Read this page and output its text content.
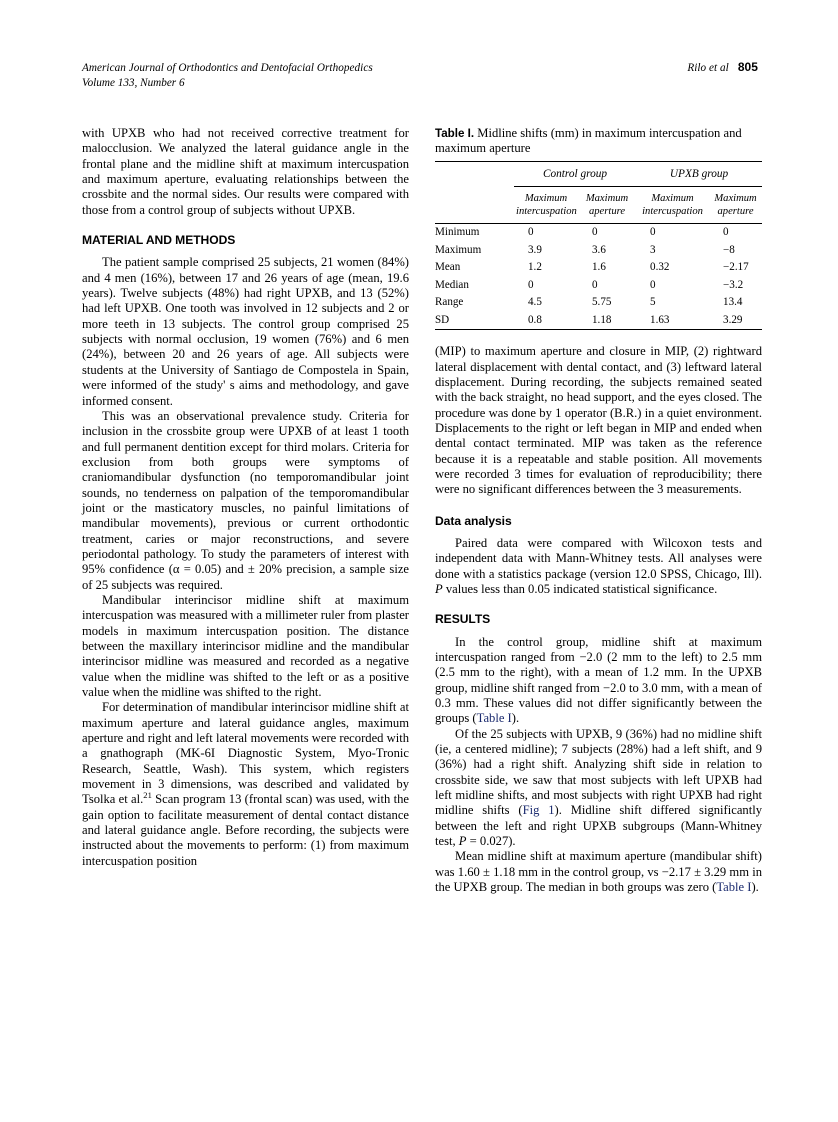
American Journal of Orthodontics and Dentofacial Orthopedics	Rilo et al 805
Volume 133, Number 6

with UPXB who had not received corrective treatment for malocclusion. We analyzed the lateral guidance angle in the frontal plane and the midline shift at maximum intercuspation and maximum aperture, evaluating relationships between the crossbite and the normal sides. Our results were compared with those from a control group of subjects without UPXB.

MATERIAL AND METHODS

The patient sample comprised 25 subjects, 21 women (84%) and 4 men (16%), between 17 and 26 years of age (mean, 19.6 years). Twelve subjects (48%) had right UPXB, and 13 (52%) had left UPXB. One tooth was involved in 12 subjects and 2 or more teeth in 13 subjects. The control group comprised 25 subjects with normal occlusion, 19 women (76%) and 6 men (24%), between 20 and 26 years of age. All subjects were students at the University of Santiago de Compostela in Spain, were informed of the study' s aims and methodology, and gave informed consent.

This was an observational prevalence study. Criteria for inclusion in the crossbite group were UPXB of at least 1 tooth and full permanent dentition except for third molars. Criteria for exclusion from both groups were symptoms of craniomandibular dysfunction (no temporomandibular joint sounds, no tenderness on palpation of the temporomandibular joint or the masticatory muscles, no painful limitations of mandibular movements), previous or current orthodontic treatment, caries or major reconstructions, and severe periodontal pathology. To study the parameters of interest with 95% confidence (α = 0.05) and ± 20% precision, a sample size of 25 subjects was required.

Mandibular interincisor midline shift at maximum intercuspation was measured with a millimeter ruler from plaster models in maximum intercuspation position. The distance between the maxillary interincisor midline and the mandibular interincisor midline was measured and recorded as a negative value when the midline was shifted to the left or as a positive value when the midline was shifted to the right.

For determination of mandibular interincisor midline shift at maximum aperture and lateral guidance angles, maximum aperture and right and left lateral movements were recorded with a gnathograph (MK-6I Diagnostic System, Myo-Tronic Research, Seattle, Wash). This system, which registers movement in 3 dimensions, was described and validated by Tsolka et al.$^{21}$ Scan program 13 (frontal scan) was used, with the gain option to facilitate measurement of dental contact distance and lateral guidance angle. Before recording, the subjects were instructed about the movements to perform: (1) from maximum intercuspation position

Table I. Midline shifts (mm) in maximum intercuspation and maximum aperture
	Control group		UPXB group	

	Maximum intercuspation	Maximum aperture	Maximum intercuspation	Maximum aperture
Minimum	0	0	0	0
Maximum	3.9	3.6	3	−8
Mean	1.2	1.6	0.32	−2.17
Median	0	0	0	−3.2
Range	4.5	5.75	5	13.4
SD	0.8	1.18	1.63	3.29

(MIP) to maximum aperture and closure in MIP, (2) rightward lateral displacement with dental contact, and (3) leftward lateral displacement. During recording, the subjects remained seated with the back straight, no head support, and the eyes closed. The procedure was done by 1 operator (B.R.) in a quiet environment. Displacements to the right or left began in MIP and ended when dental contact terminated. MIP was taken as the reference because it is a repeatable and stable position. All movements were recorded 3 times for evaluation of reproducibility; there were no significant differences between the 3 measurements.

Data analysis

Paired data were compared with Wilcoxon tests and independent data with Mann-Whitney tests. All analyses were done with a statistics package (version 12.0 SPSS, Chicago, Ill). P values less than 0.05 indicated statistical significance.

RESULTS

In the control group, midline shift at maximum intercuspation ranged from −2.0 (2 mm to the left) to 2.5 mm (2.5 mm to the right), with a mean of 1.2 mm. In the UPXB group, midline shift ranged from −2.0 to 3.0 mm, with a mean of 0.3 mm. These values did not differ significantly between the groups (Table I).

Of the 25 subjects with UPXB, 9 (36%) had no midline shift (ie, a centered midline); 7 subjects (28%) had a left shift, and 9 (36%) had a right shift. Analyzing shift side in relation to crossbite side, we saw that most subjects with left UPXB had left midline shifts, and most subjects with right UPXB had right midline shifts (Fig 1). Midline shift differed significantly between the left and right UPXB subgroups (Mann-Whitney test, P = 0.027).

Mean midline shift at maximum aperture (mandibular shift) was 1.60 ± 1.18 mm in the control group, vs −2.17 ± 3.29 mm in the UPXB group. The median in both groups was zero (Table I).
